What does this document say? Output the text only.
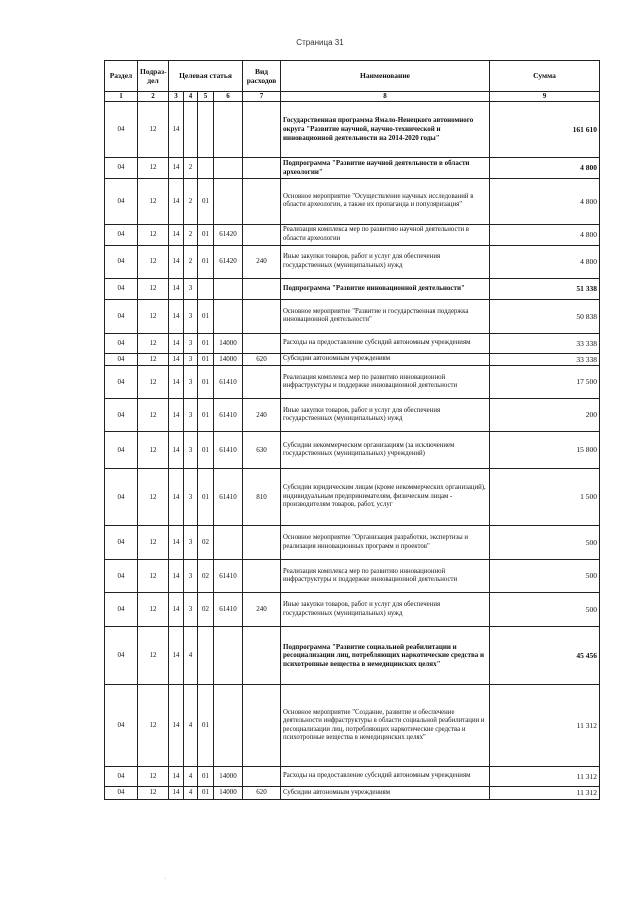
Страница 31
Раздел	Подраз-дел	Целевая статья				Вид расходов	Наименование	Сумма
1	2	3	4	5	6	7	8	9
04	12	14					Государственная программа Ямало-Ненецкого автономного округа "Развитие научной, научно-технической и инновационной деятельности на 2014-2020 годы"	161 610
04	12	14	2				Подпрограмма "Развитие научной деятельности в области археологии"	4 800
04	12	14	2	01			Основное мероприятие "Осуществление научных исследований в области археологии, а также их пропаганда и популяризация"	4 800
04	12	14	2	01	61420		Реализация комплекса мер по развитию научной деятельности в области археологии	4 800
04	12	14	2	01	61420	240	Иные закупки товаров, работ и услуг для обеспечения государственных (муниципальных) нужд	4 800
04	12	14	3				Подпрограмма "Развитие инновационной деятельности"	51 338
04	12	14	3	01			Основное мероприятие "Развитие и государственная поддержка инновационной деятельности"	50 838
04	12	14	3	01	14000		Расходы на предоставление субсидий автономным учреждениям	33 338
04	12	14	3	01	14000	620	Субсидии автономным учреждениям	33 338
04	12	14	3	01	61410		Реализация комплекса мер по развитию инновационной инфраструктуры и поддержке инновационной деятельности	17 500
04	12	14	3	01	61410	240	Иные закупки товаров, работ и услуг для обеспечения государственных (муниципальных) нужд	200
04	12	14	3	01	61410	630	Субсидии некоммерческим организациям (за исключением государственных (муниципальных) учреждений)	15 800
04	12	14	3	01	61410	810	Субсидии юридическим лицам (кроме некоммерческих организаций), индивидуальным предпринимателям, физическим лицам - производителям товаров, работ, услуг	1 500
04	12	14	3	02			Основное мероприятие "Организация разработки, экспертизы и реализация инновационных программ и проектов"	500
04	12	14	3	02	61410		Реализация комплекса мер по развитию инновационной инфраструктуры и поддержке инновационной деятельности	500
04	12	14	3	02	61410	240	Иные закупки товаров, работ и услуг для обеспечения государственных (муниципальных) нужд	500
04	12	14	4				Подпрограмма "Развитие социальной реабилитации и ресоциализации лиц, потребляющих наркотические средства и психотропные вещества в немедицинских целях"	45 456
04	12	14	4	01			Основное мероприятие "Создание, развитие и обеспечение деятельности инфраструктуры в области социальной реабилитации и ресоциализации лиц, потребляющих наркотические средства и психотропные вещества в немедицинских целях"	11 312
04	12	14	4	01	14000		Расходы на предоставление субсидий автономным учреждениям	11 312
04	12	14	4	01	14000	620	Субсидии автономным учреждениям	11 312
·
